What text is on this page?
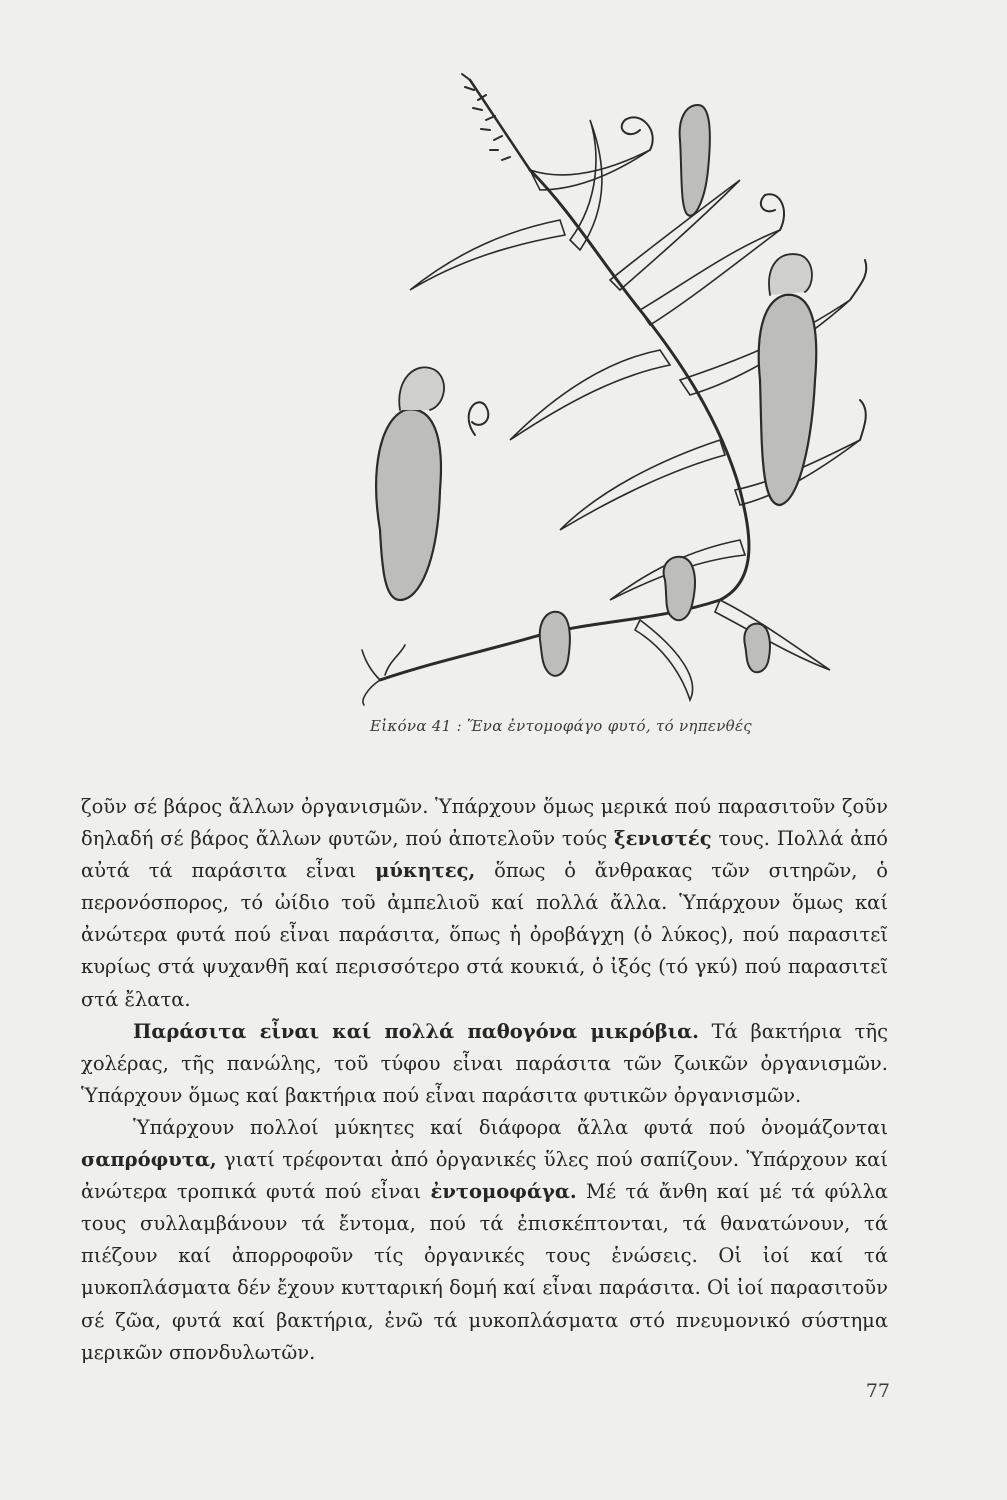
Εἰκόνα 41 : Ἕνα ἐντομοφάγο φυτό, τό νηπενθές

ζοῦν σέ βάρος ἄλλων ὀργανισμῶν. Ὑπάρχουν ὅμως μερικά πού παρασιτοῦν ζοῦν δηλαδή σέ βάρος ἄλλων φυτῶν, πού ἀποτελοῦν τούς ξενιστές τους. Πολλά ἀπό αὐτά τά παράσιτα εἶναι μύκητες, ὅπως ὁ ἄνθρακας τῶν σιτηρῶν, ὁ περονόσπορος, τό ὠίδιο τοῦ ἀμπελιοῦ καί πολλά ἄλλα. Ὑπάρχουν ὅμως καί ἀνώτερα φυτά πού εἶναι παράσιτα, ὅπως ἡ ὀροβάγχη (ὁ λύκος), πού παρασιτεῖ κυρίως στά ψυχανθῆ καί περισσότερο στά κουκιά, ὁ ἰξός (τό γκύ) πού παρασιτεῖ στά ἔλατα.

Παράσιτα εἶναι καί πολλά παθογόνα μικρόβια. Τά βακτήρια τῆς χολέρας, τῆς πανώλης, τοῦ τύφου εἶναι παράσιτα τῶν ζωικῶν ὀργανισμῶν. Ὑπάρχουν ὅμως καί βακτήρια πού εἶναι παράσιτα φυτικῶν ὀργανισμῶν.

Ὑπάρχουν πολλοί μύκητες καί διάφορα ἄλλα φυτά πού ὀνομάζονται σαπρόφυτα, γιατί τρέφονται ἀπό ὀργανικές ὕλες πού σαπίζουν. Ὑπάρχουν καί ἀνώτερα τροπικά φυτά πού εἶναι ἐντομοφάγα. Μέ τά ἄνθη καί μέ τά φύλλα τους συλλαμβάνουν τά ἔντομα, πού τά ἐπισκέπτονται, τά θανατώνουν, τά πιέζουν καί ἀπορροφοῦν τίς ὀργανικές τους ἑνώσεις. Οἱ ἰοί καί τά μυκοπλάσματα δέν ἔχουν κυτταρική δομή καί εἶναι παράσιτα. Οἱ ἰοί παρασιτοῦν σέ ζῶα, φυτά καί βακτήρια, ἐνῶ τά μυκοπλάσματα στό πνευμονικό σύστημα μερικῶν σπονδυλωτῶν.

77
